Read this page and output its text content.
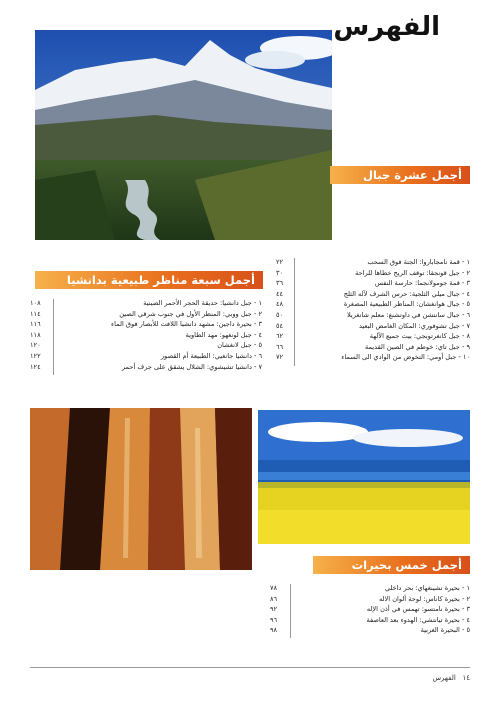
الفهرس
أجمل عشرة جبال بالصين
١ - قمة نامجاباروا: الجنة فوق السحب
٢٢
٢ - جبل قونجقا: توقف الريح خطاها للراحة
٣٠
٣ - قمة جومولانجما: حارسة النفس
٣٦
٤ - جبال ميلي الثلجية: حرس الشرف لآله الثلج
٤٤
٥ - جبال هوانغشان: المناظر الطبيعية المصغرة
٤٨
٦ - جبال سانتشن في داوتشنغ: معلم شانغريلا
٥٠
٧ - جبل تشوفوري: المكان الغامض البعيد
٥٤
٨ - جبل كانغرتوبجي: بيت جميع الآلهة
٦٢
٩ - جبل تاي: خوطم في الصين القديمة
٦٦
١٠ - جبل أومي: التخوض من الوادي الى السماء
٧٢
أجمل سبعة مناظر طبيعية بدانشيا بالصين
١ - جبل دانشيا: حديقة الحجر الأحمر الصينية
١٠٨
٢ - جبل ووبي: المنظر الأول في جنوب شرقي الصين
١١٤
٣ - بحيرة داجين: مشهد دانشيا اللافت للأبصار فوق الماء
١١٦
٤ - جبل لونغهو: مهد الطاوية
١١٨
٥ - جبل لانغشان
١٢٠
٦ - دانشيا جانغيي: الطبيعة أم القصور
١٢٢
٧ - دانشيا تشيشوي: الشلال يشقق على جرف أحمر
١٢٤
أجمل خمس بحيرات بالصين
١ - بحيرة تشينغهاي: بحر داخلي
٧٨
٢ - بحيرة كاناس: لوحة ألوان الاله
٨٦
٣ - بحيرة نامتسو: تهمس في أذن الإله
٩٢
٤ - بحيرة تيانتشي: الهدوء بعد العاصفة
٩٦
٥ - البحيرة الغربية
٩٨
١٤   الفهرس
